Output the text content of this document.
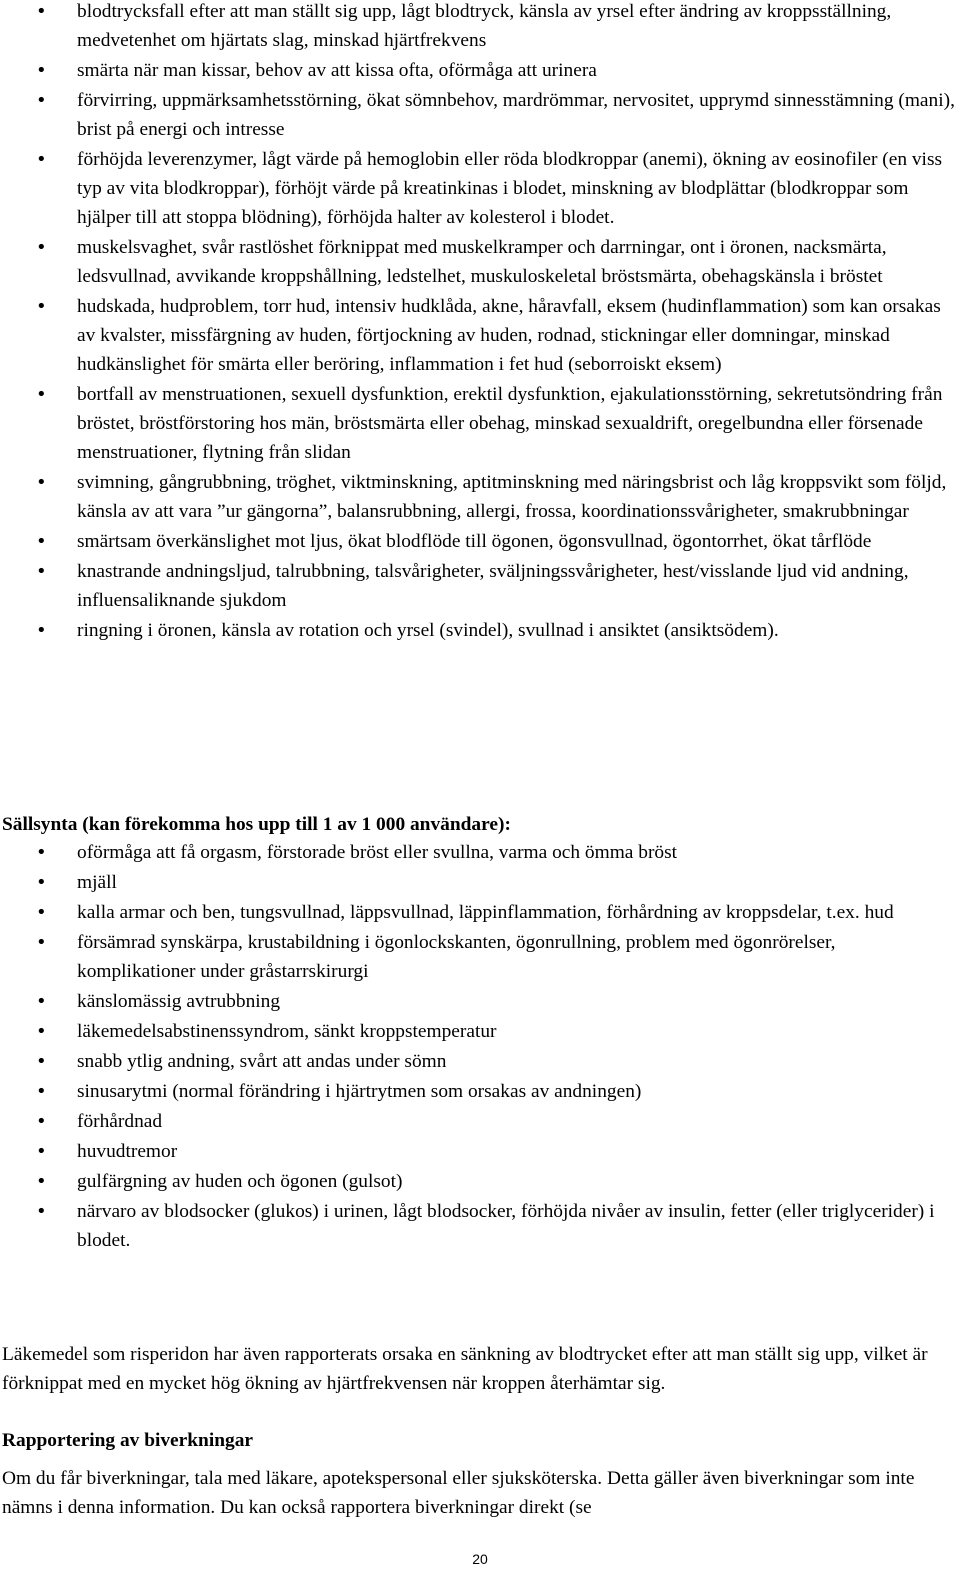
• blodtrycksfall efter att man ställt sig upp, lågt blodtryck, känsla av yrsel efter ändring av kroppsställning, medvetenhet om hjärtats slag, minskad hjärtfrekvens
• smärta när man kissar, behov av att kissa ofta, oförmåga att urinera
• förvirring, uppmärksamhetsstörning, ökat sömnbehov, mardrömmar, nervositet, upprymd sinnesstämning (mani), brist på energi och intresse
• förhöjda leverenzymer, lågt värde på hemoglobin eller röda blodkroppar (anemi), ökning av eosinofiler (en viss typ av vita blodkroppar), förhöjt värde på kreatinkinas i blodet, minskning av blodplättar (blodkroppar som hjälper till att stoppa blödning), förhöjda halter av kolesterol i blodet.
• muskelsvaghet, svår rastlöshet förknippat med muskelkramper och darrningar, ont i öronen, nacksmärta, ledsvullnad, avvikande kroppshållning, ledstelhet, muskuloskeletal bröstsmärta, obehagskänsla i bröstet
• hudskada, hudproblem, torr hud, intensiv hudklåda, akne, håravfall, eksem (hudinflammation) som kan orsakas av kvalster, missfärgning av huden, förtjockning av huden, rodnad, stickningar eller domningar, minskad hudkänslighet för smärta eller beröring, inflammation i fet hud (seborroiskt eksem)
• bortfall av menstruationen, sexuell dysfunktion, erektil dysfunktion, ejakulationsstörning, sekretutsöndring från bröstet, bröstförstoring hos män, bröstsmärta eller obehag, minskad sexualdrift, oregelbundna eller försenade menstruationer, flytning från slidan
• svimning, gångrubbning, tröghet, viktminskning, aptitminskning med näringsbrist och låg kroppsvikt som följd, känsla av att vara ”ur gängorna”, balansrubbning, allergi, frossa, koordinationssvårigheter, smakrubbningar
• smärtsam överkänslighet mot ljus, ökat blodflöde till ögonen, ögonsvullnad, ögontorrhet, ökat tårflöde
• knastrande andningsljud, talrubbning, talsvårigheter, sväljningssvårigheter, hest/visslande ljud vid andning, influensaliknande sjukdom
• ringning i öronen, känsla av rotation och yrsel (svindel), svullnad i ansiktet (ansiktsödem).
Sällsynta (kan förekomma hos upp till 1 av 1 000 användare):
• oförmåga att få orgasm, förstorade bröst eller svullna, varma och ömma bröst
• mjäll
• kalla armar och ben, tungsvullnad, läppsvullnad, läppinflammation, förhårdning av kroppsdelar, t.ex. hud
• försämrad synskärpa, krustabildning i ögonlockskanten, ögonrullning, problem med ögonrörelser, komplikationer under gråstarrskirurgi
• känslomässig avtrubbning
• läkemedelsabstinenssyndrom, sänkt kroppstemperatur
• snabb ytlig andning, svårt att andas under sömn
• sinusarytmi (normal förändring i hjärtrytmen som orsakas av andningen)
• förhårdnad
• huvudtremor
• gulfärgning av huden och ögonen (gulsot)
• närvaro av blodsocker (glukos) i urinen, lågt blodsocker, förhöjda nivåer av insulin, fetter (eller triglycerider) i blodet.

Läkemedel som risperidon har även rapporterats orsaka en sänkning av blodtrycket efter att man ställt sig upp, vilket är förknippat med en mycket hög ökning av hjärtfrekvensen när kroppen återhämtar sig.

Rapportering av biverkningar

Om du får biverkningar, tala med läkare, apotekspersonal eller sjuksköterska. Detta gäller även biverkningar som inte nämns i denna information. Du kan också rapportera biverkningar direkt (se

20
